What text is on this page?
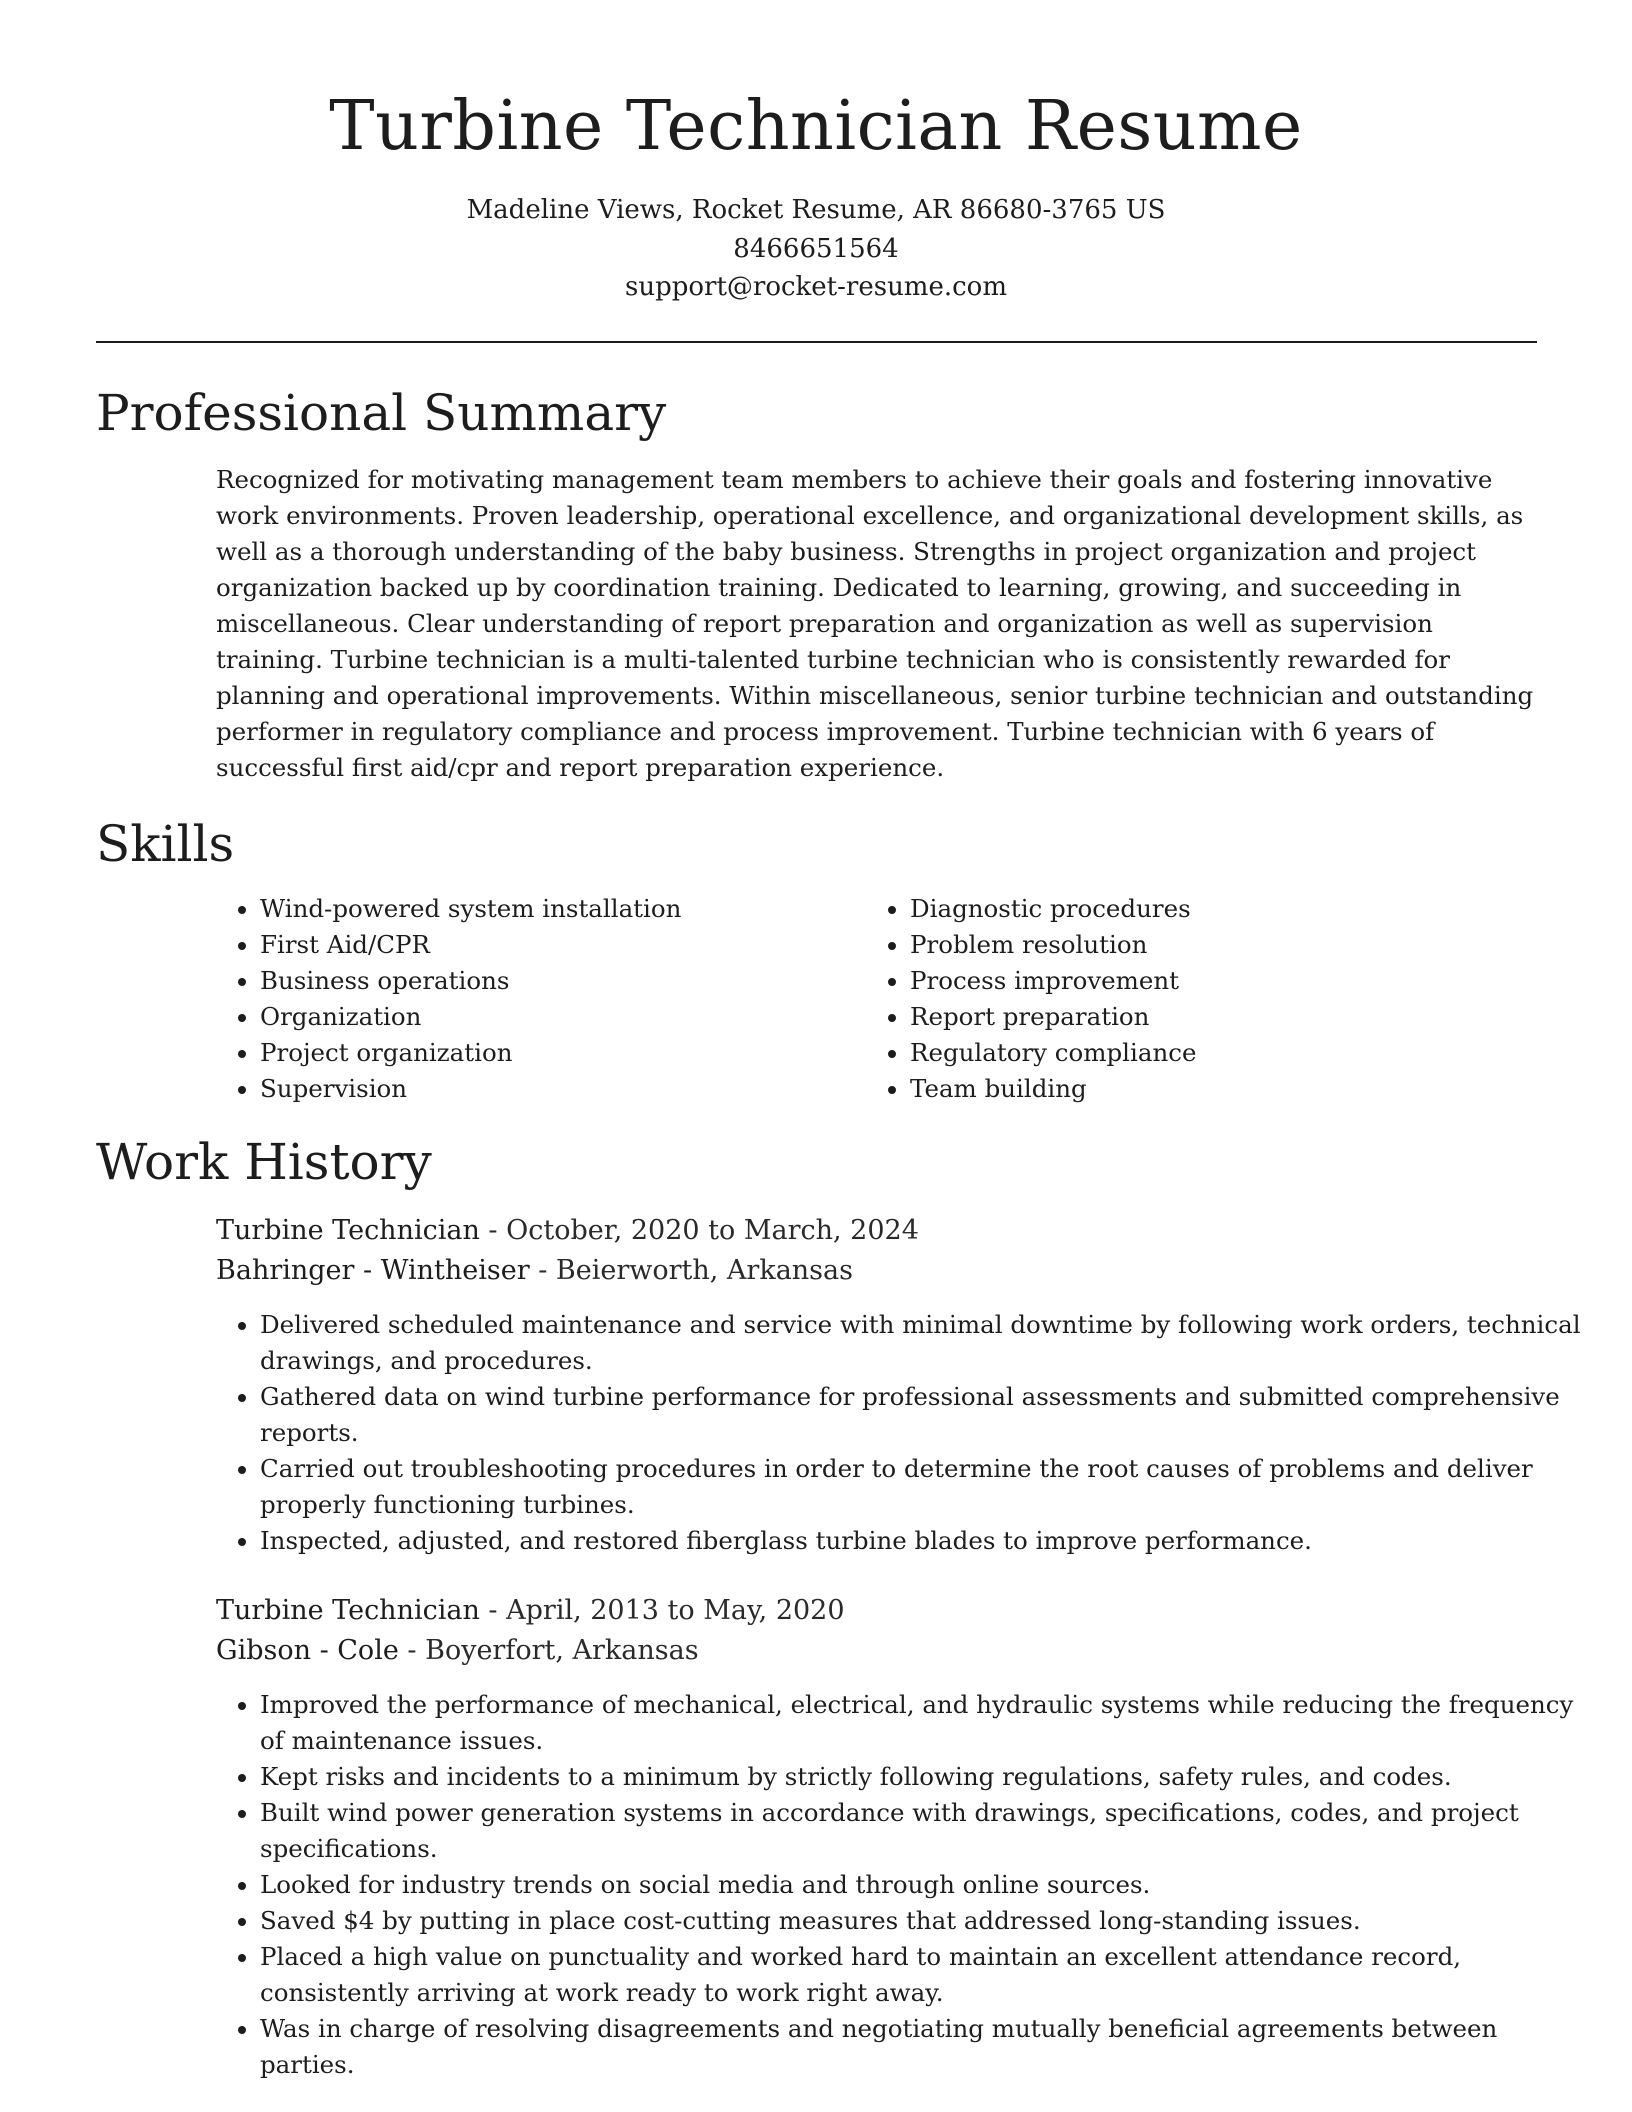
Turbine Technician Resume
Madeline Views, Rocket Resume, AR 86680-3765 US
8466651564
support@rocket-resume.com
Professional Summary

Recognized for motivating management team members to achieve their goals and fostering innovative work environments. Proven leadership, operational excellence, and organizational development skills, as well as a thorough understanding of the baby business. Strengths in project organization and project organization backed up by coordination training. Dedicated to learning, growing, and succeeding in miscellaneous. Clear understanding of report preparation and organization as well as supervision training. Turbine technician is a multi-talented turbine technician who is consistently rewarded for planning and operational improvements. Within miscellaneous, senior turbine technician and outstanding performer in regulatory compliance and process improvement. Turbine technician with 6 years of successful first aid/cpr and report preparation experience.

Skills
• Wind-powered system installation
• First Aid/CPR
• Business operations
• Organization
• Project organization
• Supervision
• Diagnostic procedures
• Problem resolution
• Process improvement
• Report preparation
• Regulatory compliance
• Team building
Work History
Turbine Technician - October, 2020 to March, 2024
Bahringer - Wintheiser - Beierworth, Arkansas
• Delivered scheduled maintenance and service with minimal downtime by following work orders, technical drawings, and procedures.
• Gathered data on wind turbine performance for professional assessments and submitted comprehensive reports.
• Carried out troubleshooting procedures in order to determine the root causes of problems and deliver properly functioning turbines.
• Inspected, adjusted, and restored fiberglass turbine blades to improve performance.
Turbine Technician - April, 2013 to May, 2020
Gibson - Cole - Boyerfort, Arkansas
• Improved the performance of mechanical, electrical, and hydraulic systems while reducing the frequency of maintenance issues.
• Kept risks and incidents to a minimum by strictly following regulations, safety rules, and codes.
• Built wind power generation systems in accordance with drawings, specifications, codes, and project specifications.
• Looked for industry trends on social media and through online sources.
• Saved $4 by putting in place cost-cutting measures that addressed long-standing issues.
• Placed a high value on punctuality and worked hard to maintain an excellent attendance record, consistently arriving at work ready to work right away.
• Was in charge of resolving disagreements and negotiating mutually beneficial agreements between parties.
